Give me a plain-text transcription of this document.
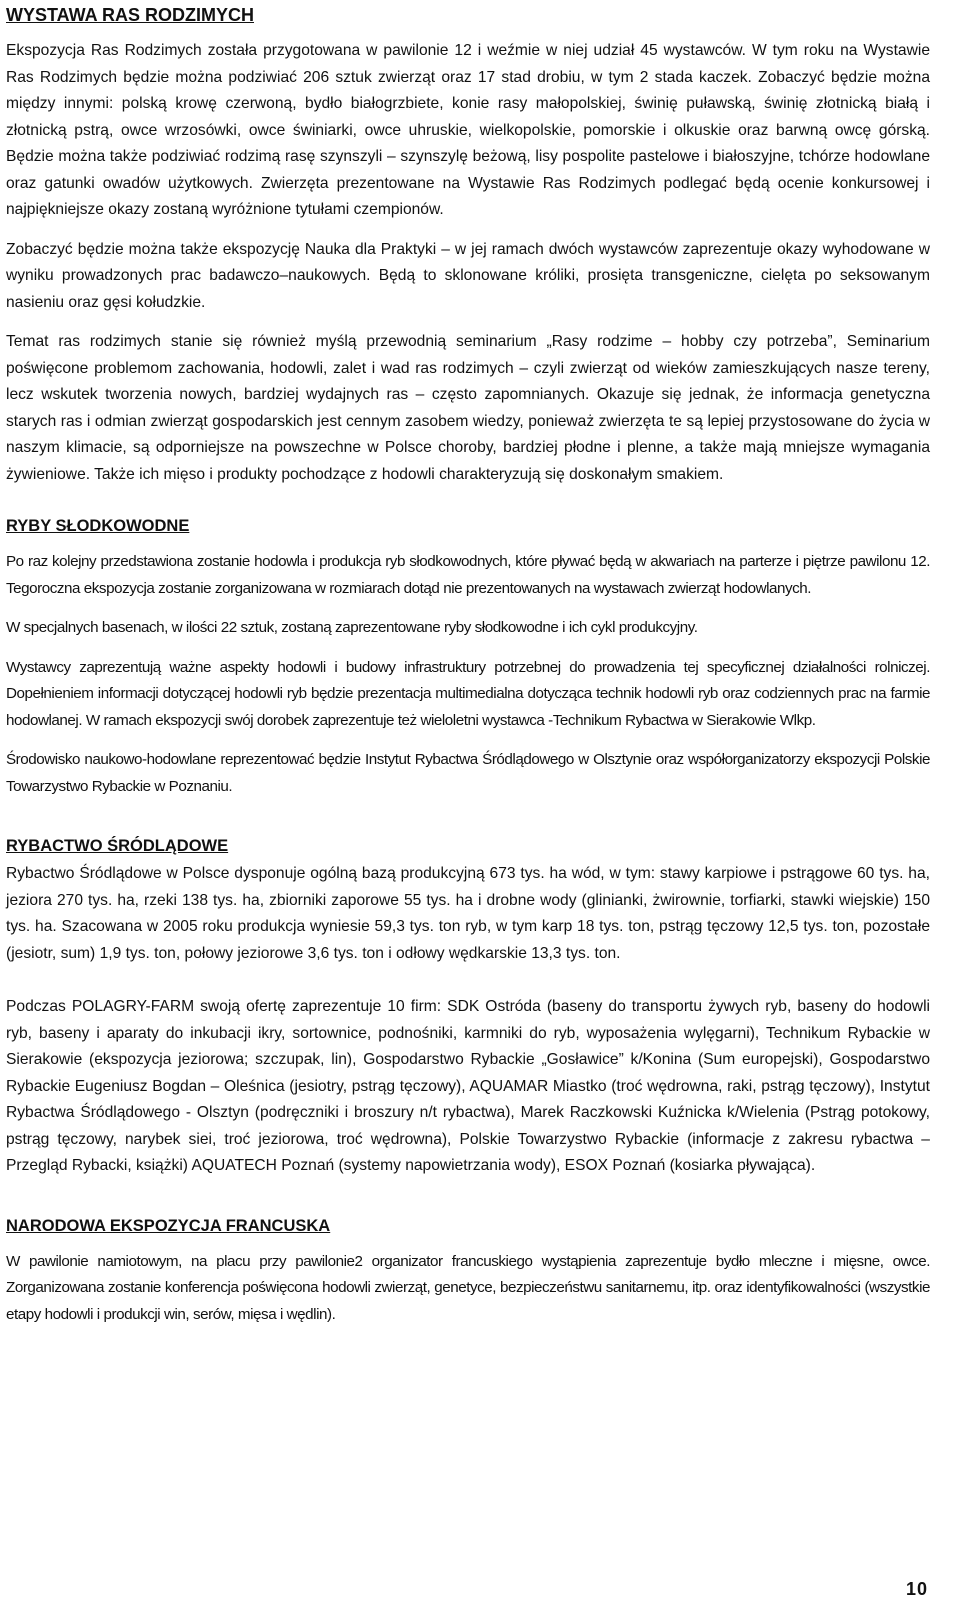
WYSTAWA RAS RODZIMYCH

Ekspozycja Ras Rodzimych została przygotowana w pawilonie 12 i weźmie w niej udział 45 wystawców. W tym roku na Wystawie Ras Rodzimych będzie można podziwiać 206 sztuk zwierząt oraz 17 stad drobiu, w tym 2 stada kaczek. Zobaczyć będzie można między innymi: polską krowę czerwoną, bydło białogrzbiete, konie rasy małopolskiej, świnię puławską, świnię złotnicką białą i złotnicką pstrą, owce wrzosówki, owce świniarki, owce uhruskie, wielkopolskie, pomorskie i olkuskie oraz barwną owcę górską. Będzie można także podziwiać rodzimą rasę szynszyli – szynszylę beżową, lisy pospolite pastelowe i białoszyjne, tchórze hodowlane oraz gatunki owadów użytkowych. Zwierzęta prezentowane na Wystawie Ras Rodzimych podlegać będą ocenie konkursowej i najpiękniejsze okazy zostaną wyróżnione tytułami czempionów.

Zobaczyć będzie można także ekspozycję Nauka dla Praktyki – w jej ramach dwóch wystawców zaprezentuje okazy wyhodowane w wyniku prowadzonych prac badawczo–naukowych. Będą to sklonowane króliki, prosięta transgeniczne, cielęta po seksowanym nasieniu oraz gęsi kołudzkie.

Temat ras rodzimych stanie się również myślą przewodnią seminarium „Rasy rodzime – hobby czy potrzeba”, Seminarium poświęcone problemom zachowania, hodowli, zalet i wad ras rodzimych – czyli zwierząt od wieków zamieszkujących nasze tereny, lecz wskutek tworzenia nowych, bardziej wydajnych ras – często zapomnianych. Okazuje się jednak, że informacja genetyczna starych ras i odmian zwierząt gospodarskich jest cennym zasobem wiedzy, ponieważ zwierzęta te są lepiej przystosowane do życia w naszym klimacie, są odporniejsze na powszechne w Polsce choroby, bardziej płodne i plenne, a także mają mniejsze wymagania żywieniowe. Także ich mięso i produkty pochodzące z hodowli charakteryzują się doskonałym smakiem.

RYBY SŁODKOWODNE

Po raz kolejny przedstawiona zostanie hodowla i produkcja ryb słodkowodnych, które pływać będą w akwariach na parterze i piętrze pawilonu 12. Tegoroczna ekspozycja zostanie zorganizowana w rozmiarach dotąd nie prezentowanych na wystawach zwierząt hodowlanych.

W specjalnych basenach, w ilości 22 sztuk, zostaną zaprezentowane ryby słodkowodne i ich cykl produkcyjny.

Wystawcy zaprezentują ważne aspekty hodowli i budowy infrastruktury potrzebnej do prowadzenia tej specyficznej działalności rolniczej. Dopełnieniem informacji dotyczącej hodowli ryb będzie prezentacja multimedialna dotycząca technik hodowli ryb oraz codziennych prac na farmie hodowlanej. W ramach ekspozycji swój dorobek zaprezentuje też wieloletni wystawca -Technikum Rybactwa w Sierakowie Wlkp.

Środowisko naukowo-hodowlane reprezentować będzie Instytut Rybactwa Śródlądowego w Olsztynie oraz współorganizatorzy ekspozycji Polskie Towarzystwo Rybackie w Poznaniu.

RYBACTWO ŚRÓDLĄDOWE

Rybactwo Śródlądowe w Polsce dysponuje ogólną bazą produkcyjną 673 tys. ha wód, w tym: stawy karpiowe i pstrągowe 60 tys. ha, jeziora 270 tys. ha, rzeki 138 tys. ha, zbiorniki zaporowe 55 tys. ha i drobne wody (glinianki, żwirownie, torfiarki, stawki wiejskie) 150 tys. ha. Szacowana w 2005 roku produkcja wyniesie 59,3 tys. ton ryb, w tym karp 18 tys. ton, pstrąg tęczowy 12,5 tys. ton, pozostałe (jesiotr, sum) 1,9 tys. ton, połowy jeziorowe 3,6 tys. ton i odłowy wędkarskie 13,3 tys. ton.

Podczas POLAGRY-FARM swoją ofertę zaprezentuje 10 firm: SDK Ostróda (baseny do transportu żywych ryb, baseny do hodowli ryb, baseny i aparaty do inkubacji ikry, sortownice, podnośniki, karmniki do ryb, wyposażenia wylęgarni), Technikum Rybackie w Sierakowie (ekspozycja jeziorowa; szczupak, lin), Gospodarstwo Rybackie „Gosławice” k/Konina (Sum europejski), Gospodarstwo Rybackie Eugeniusz Bogdan – Oleśnica (jesiotry, pstrąg tęczowy), AQUAMAR Miastko (troć wędrowna, raki, pstrąg tęczowy), Instytut Rybactwa Śródlądowego - Olsztyn (podręczniki i broszury n/t rybactwa), Marek Raczkowski Kuźnicka k/Wielenia (Pstrąg potokowy, pstrąg tęczowy, narybek siei, troć jeziorowa, troć wędrowna), Polskie Towarzystwo Rybackie (informacje z zakresu rybactwa – Przegląd Rybacki, książki) AQUATECH Poznań (systemy napowietrzania wody), ESOX Poznań (kosiarka pływająca).

NARODOWA EKSPOZYCJA FRANCUSKA

W pawilonie namiotowym, na placu przy pawilonie2 organizator francuskiego wystąpienia zaprezentuje bydło mleczne i mięsne, owce. Zorganizowana zostanie konferencja poświęcona hodowli zwierząt, genetyce, bezpieczeństwu sanitarnemu, itp. oraz identyfikowalności (wszystkie etapy hodowli i produkcji win, serów, mięsa i wędlin).

10
